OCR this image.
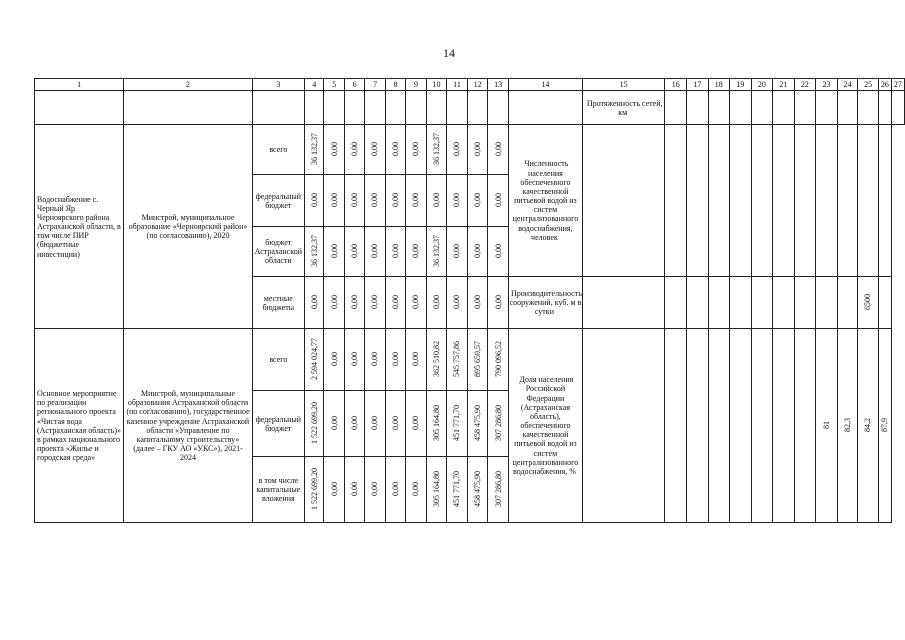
14
1	2	3	4	5	6	7	8	9	10	11	12	13	14	15	16	17	18	19	20	21	22	23	24	25	26	27

														Протяженность сетей, км												

Водоснабжение с. Черный Яр Черноярского района Астраханской области, в том числе ПИР (бюджетные инвестиции)	Минстрой, муниципальное образование «Черноярский район» (по согласованию), 2020	всего	36 132,37	0,00	0,00	0,00	0,00	0,00	36 132,37	0,00	0,00	0,00	Численность населения обеспеченного качественной питьевой водой из систем централизованного водоснабжения, человек													

		федеральный бюджет	0,00	0,00	0,00	0,00	0,00	0,00	0,00	0,00	0,00	0,00														

		бюджет Астраханской области	36 132,37	0,00	0,00	0,00	0,00	0,00	36 132,37	0,00	0,00	0,00														

		местные бюджеты	0,00	0,00	0,00	0,00	0,00	0,00	0,00	0,00	0,00	0,00	Производительность сооружений, куб. м в сутки											6500		

Основное мероприятие по реализации регионального проекта «Чистая вода (Астраханская область)» в рамках национального проекта «Жилье и городская среда»	Минстрой, муниципальные образования Астраханской области (по согласованию), государственное казенное учреждение Астраханской области «Управление по капитальному строительству» (далее – ГКУ АО «УКС»), 2021-2024	всего	2 594 024,77	0,00	0,00	0,00	0,00	0,00	362 510,82	545 757,86	895 659,57	790 096,52	Доля населения Российской Федерации (Астраханская область), обеспеченного качественной питьевой водой из систем централизованного водоснабжения, %									81	82,3	84,2	87,9	

		федеральный бюджет	1 522 699,20	0,00	0,00	0,00	0,00	0,00	305 164,80	451 771,70	458 475,90	307 286,80														

		в том числе капитальные вложения	1 522 699,20	0,00	0,00	0,00	0,00	0,00	305 164,80	451 771,70	458 475,90	307 286,80														
